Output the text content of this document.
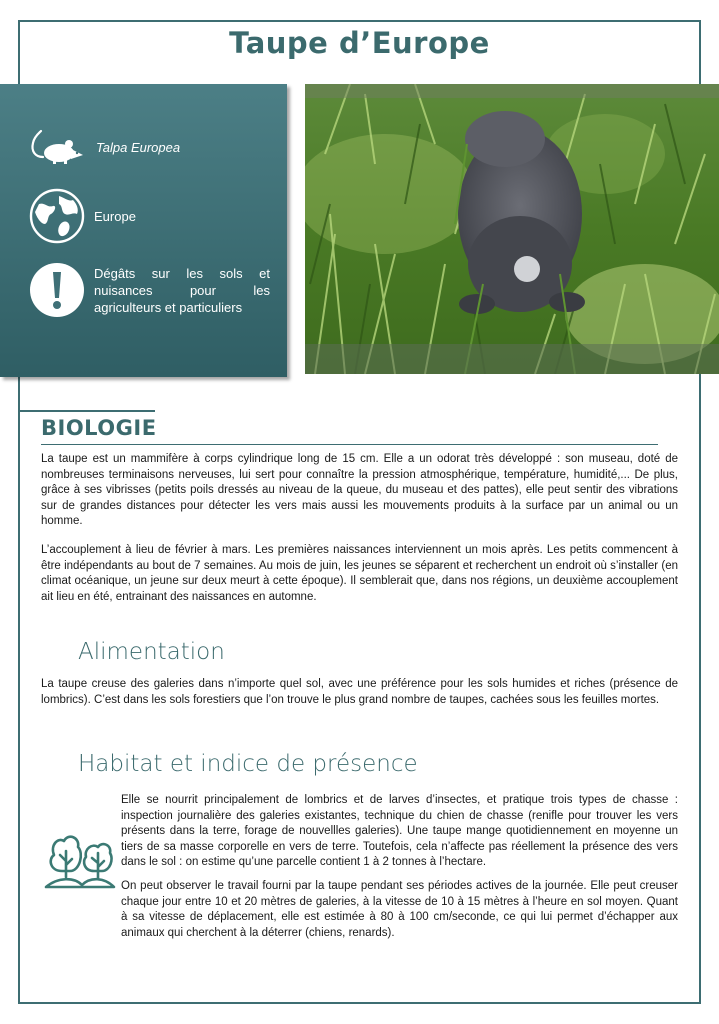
Taupe d’Europe
Talpa Europea
Europe
Dégâts sur les sols et nuisances pour les agriculteurs et particuliers
BIOLOGIE

La taupe est un mammifère à corps cylindrique long de 15 cm. Elle a un odorat très développé : son museau, doté de nombreuses terminaisons nerveuses, lui sert pour connaître la pression atmosphérique, température, humidité,... De plus, grâce à ses vibrisses (petits poils dressés au niveau de la queue, du museau et des pattes), elle peut sentir des vibrations sur de grandes distances pour détecter les vers mais aussi les mouvements produits à la surface par un animal ou un homme.

L’accouplement à lieu de février à mars. Les premières naissances interviennent un mois après. Les petits commencent à être indépendants au bout de 7 semaines. Au mois de juin, les jeunes se séparent et recherchent un endroit où s’installer (en climat océanique, un jeune sur deux meurt à cette époque). Il semblerait que, dans nos régions, un deuxième accouplement ait lieu en été, entrainant des naissances en automne.

Alimentation

La taupe creuse des galeries dans n’importe quel sol, avec une préférence pour les sols humides et riches (présence de lombrics). C’est dans les sols forestiers que l’on trouve le plus grand nombre de taupes, cachées sous les feuilles mortes.

Habitat et indice de présence

Elle se nourrit principalement de lombrics et de larves d’insectes, et pratique trois types de chasse : inspection journalière des galeries existantes, technique du chien de chasse (renifle pour trouver les vers présents dans la terre, forage de nouvellles galeries). Une taupe mange quotidiennement en moyenne un tiers de sa masse corporelle en vers de terre. Toutefois, cela n’affecte pas réellement la présence des vers dans le sol : on estime qu’une parcelle contient 1 à 2 tonnes à l’hectare.

On peut observer le travail fourni par la taupe pendant ses périodes actives de la journée. Elle peut creuser chaque jour entre 10 et 20 mètres de galeries, à la vitesse de 10 à 15 mètres à l’heure en sol moyen. Quant à sa vitesse de déplacement, elle est estimée à 80 à 100 cm/seconde, ce qui lui permet d’échapper aux animaux qui cherchent à la déterrer (chiens, renards).
